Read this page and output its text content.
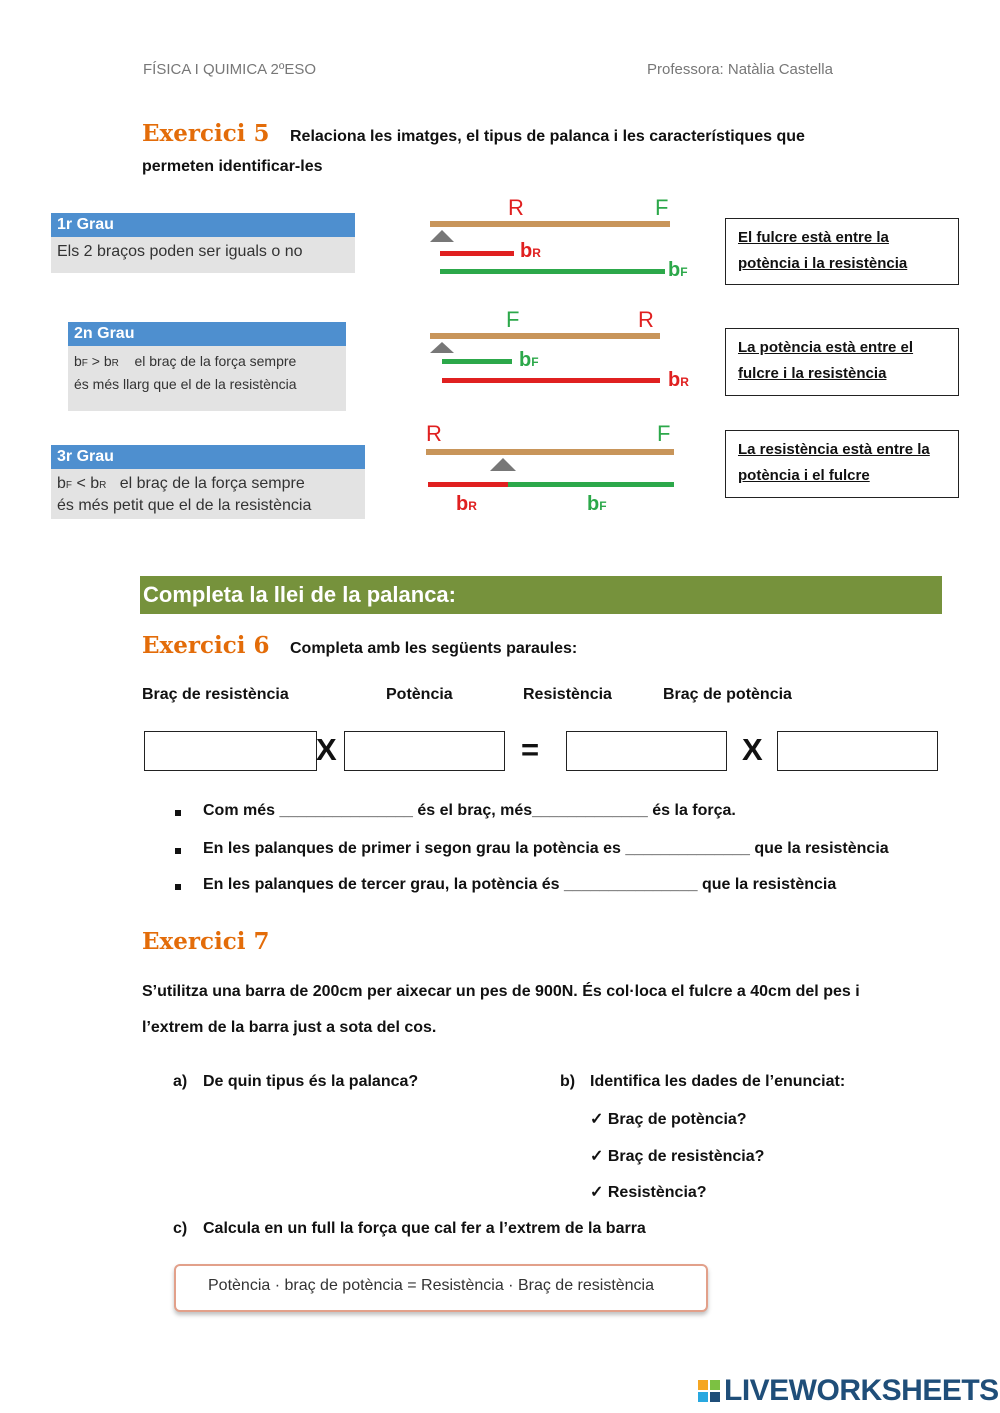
FÍSICA I QUIMICA 2ºESO	Professora: Natàlia Castella
Exercici 5 Relaciona les imatges, el tipus de palanca i les característiques que
permeten identificar-les
1r Grau
Els 2 braços poden ser iguals o no
2n Grau
bF > bR el braç de la força sempre
és més llarg que el de la resistència
3r Grau
bF < bR el braç de la força sempre
és més petit que el de la resistència
R	F
bR
bF
F	R
bF
bR
R	F
bR	bF
El fulcre està entre la
potència i la resistència
La potència està entre el
fulcre i la resistència
La resistència està entre la
potència i el fulcre
Completa la llei de la palanca:
Exercici 6 Completa amb les següents paraules:
Braç de resistència	Potència	Resistència	Braç de potència
X	=	X
Com més _______________ és el braç, més_____________ és la força.
En les palanques de primer i segon grau la potència es ______________ que la resistència
En les palanques de tercer grau, la potència és _______________ que la resistència
Exercici 7
S’utilitza una barra de 200cm per aixecar un pes de 900N. És col·loca el fulcre a 40cm del pes i
l’extrem de la barra just a sota del cos.
a) De quin tipus és la palanca?	b) Identifica les dades de l’enunciat:
✓ Braç de potència?
✓ Braç de resistència?
✓ Resistència?
c) Calcula en un full la força que cal fer a l’extrem de la barra
Potència · braç de potència = Resistència · Braç de resistència
LIVEWORKSHEETS
